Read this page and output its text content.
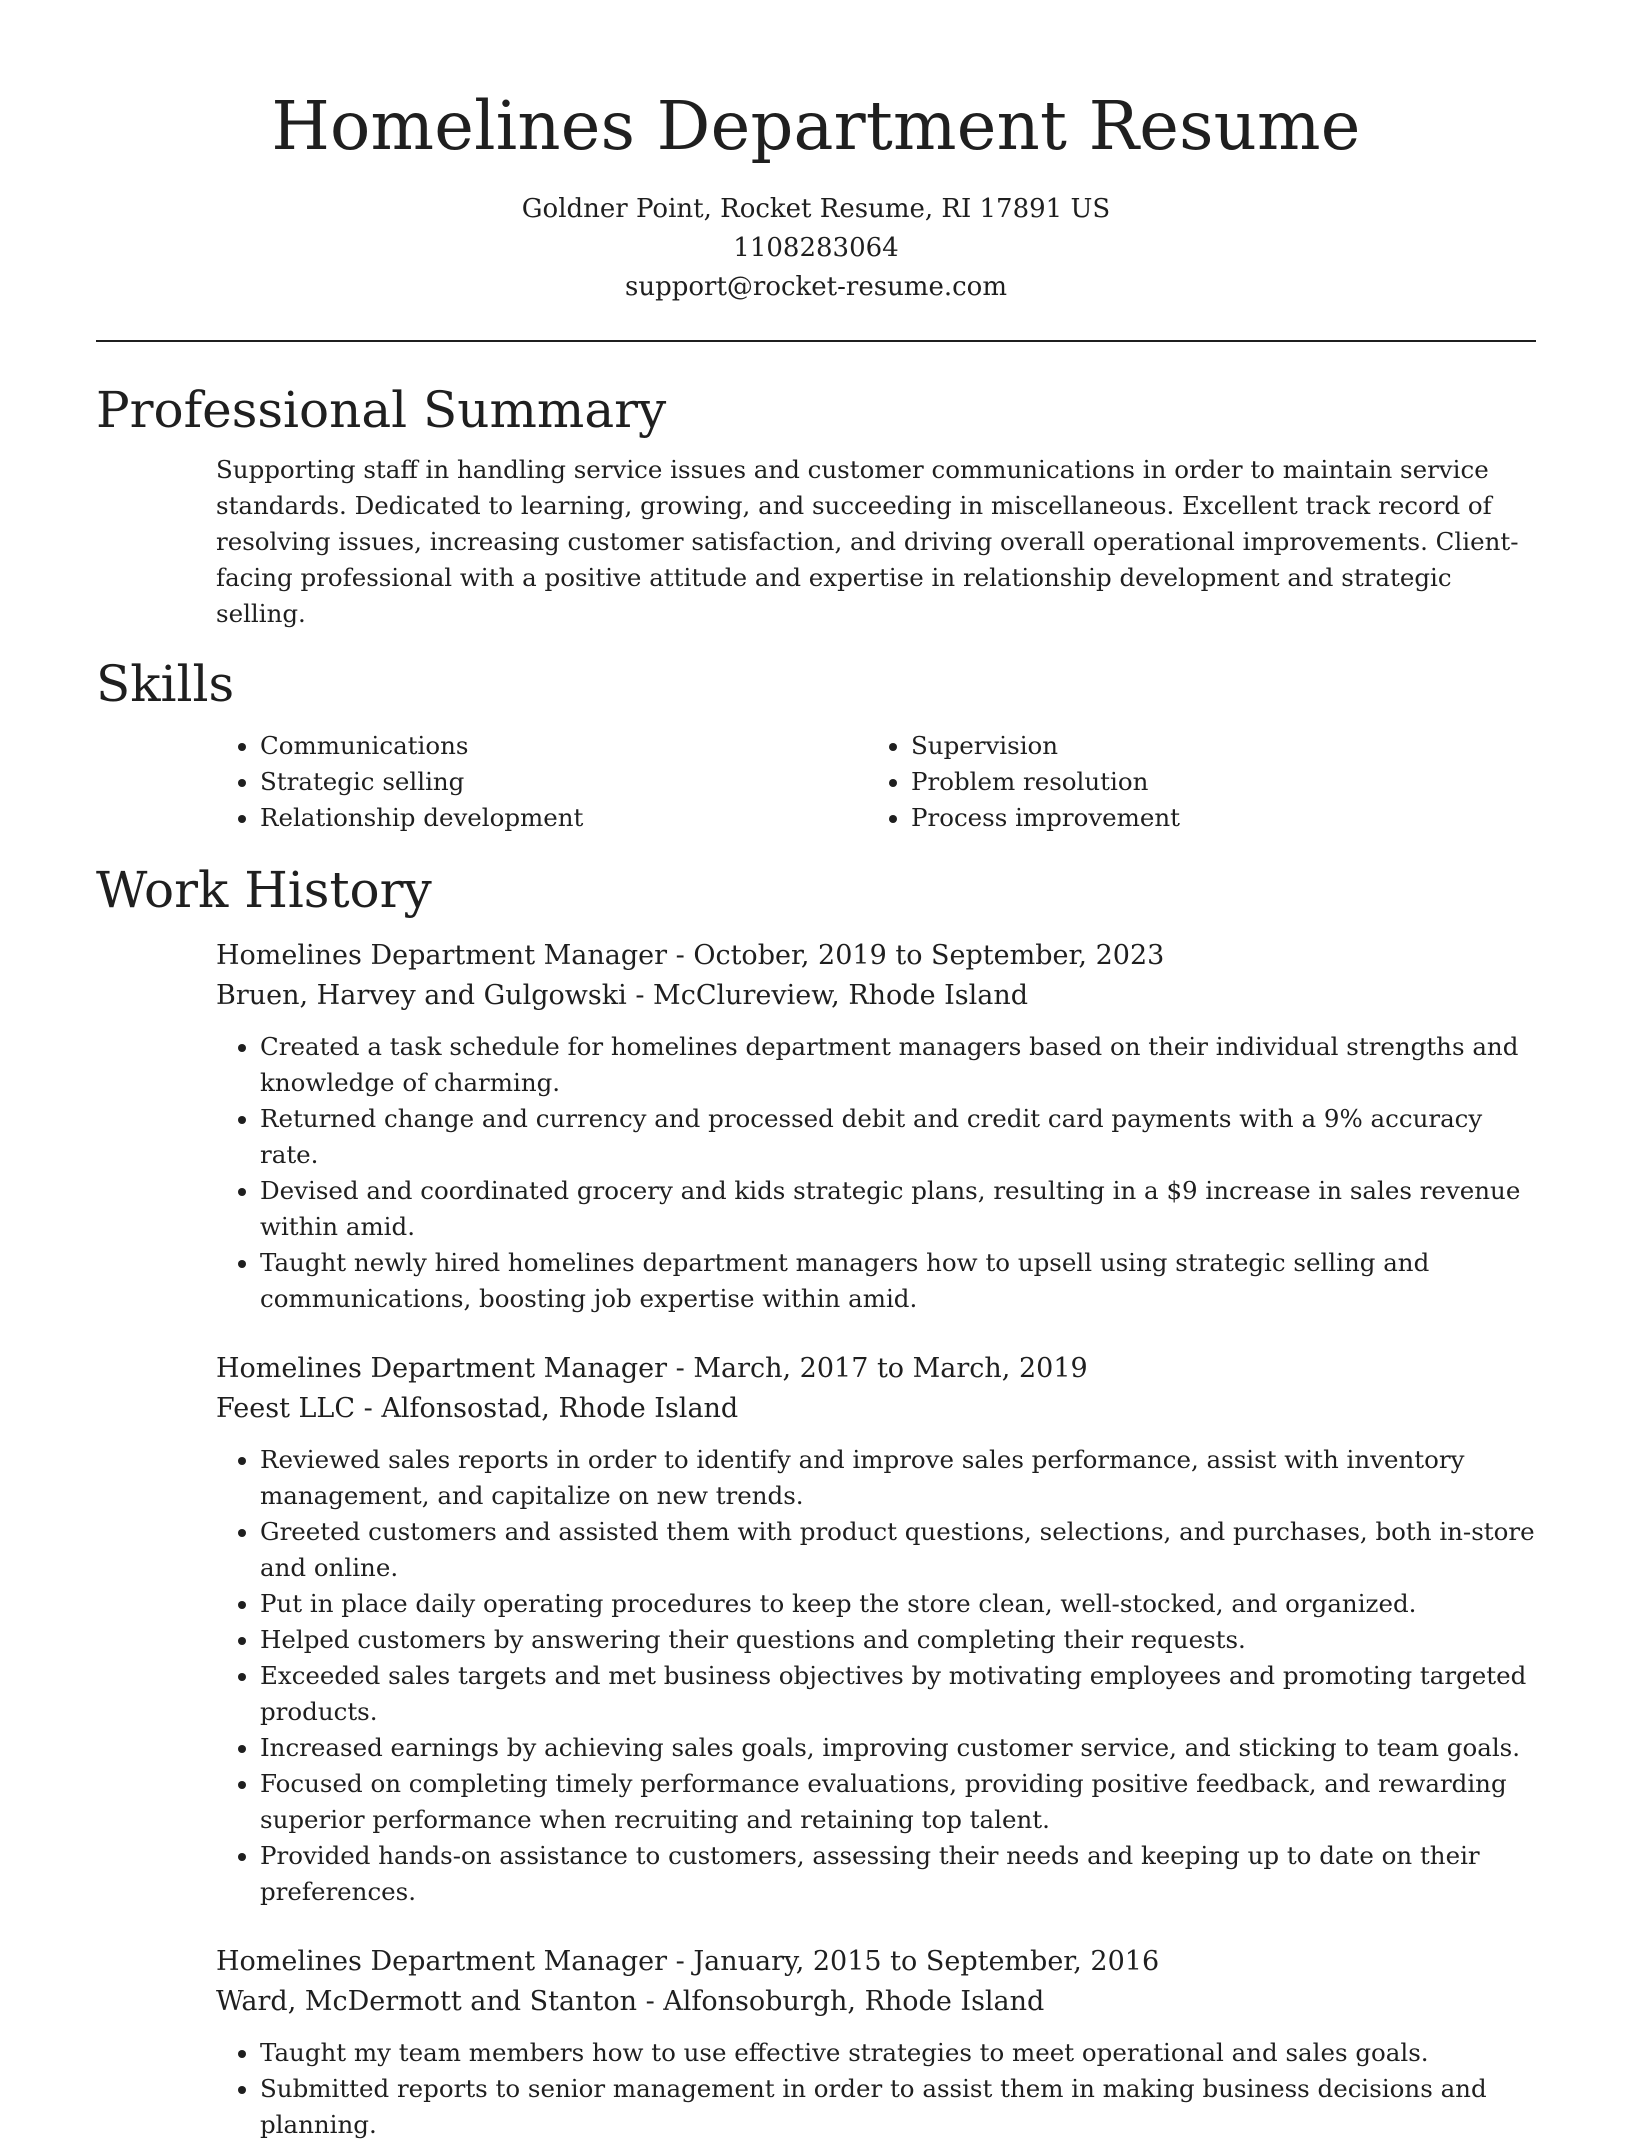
Homelines Department Resume
Goldner Point, Rocket Resume, RI 17891 US
1108283064
support@rocket-resume.com
Professional Summary

Supporting staff in handling service issues and customer communications in order to maintain service standards. Dedicated to learning, growing, and succeeding in miscellaneous. Excellent track record of resolving issues, increasing customer satisfaction, and driving overall operational improvements. Client-facing professional with a positive attitude and expertise in relationship development and strategic selling.

Skills
• Communications
• Strategic selling
• Relationship development
• Supervision
• Problem resolution
• Process improvement
Work History
Homelines Department Manager - October, 2019 to September, 2023
Bruen, Harvey and Gulgowski - McClureview, Rhode Island
• Created a task schedule for homelines department managers based on their individual strengths and knowledge of charming.
• Returned change and currency and processed debit and credit card payments with a 9% accuracy rate.
• Devised and coordinated grocery and kids strategic plans, resulting in a $9 increase in sales revenue within amid.
• Taught newly hired homelines department managers how to upsell using strategic selling and communications, boosting job expertise within amid.
Homelines Department Manager - March, 2017 to March, 2019
Feest LLC - Alfonsostad, Rhode Island
• Reviewed sales reports in order to identify and improve sales performance, assist with inventory management, and capitalize on new trends.
• Greeted customers and assisted them with product questions, selections, and purchases, both in-store and online.
• Put in place daily operating procedures to keep the store clean, well-stocked, and organized.
• Helped customers by answering their questions and completing their requests.
• Exceeded sales targets and met business objectives by motivating employees and promoting targeted products.
• Increased earnings by achieving sales goals, improving customer service, and sticking to team goals.
• Focused on completing timely performance evaluations, providing positive feedback, and rewarding superior performance when recruiting and retaining top talent.
• Provided hands-on assistance to customers, assessing their needs and keeping up to date on their preferences.
Homelines Department Manager - January, 2015 to September, 2016
Ward, McDermott and Stanton - Alfonsoburgh, Rhode Island
• Taught my team members how to use effective strategies to meet operational and sales goals.
• Submitted reports to senior management in order to assist them in making business decisions and planning.
